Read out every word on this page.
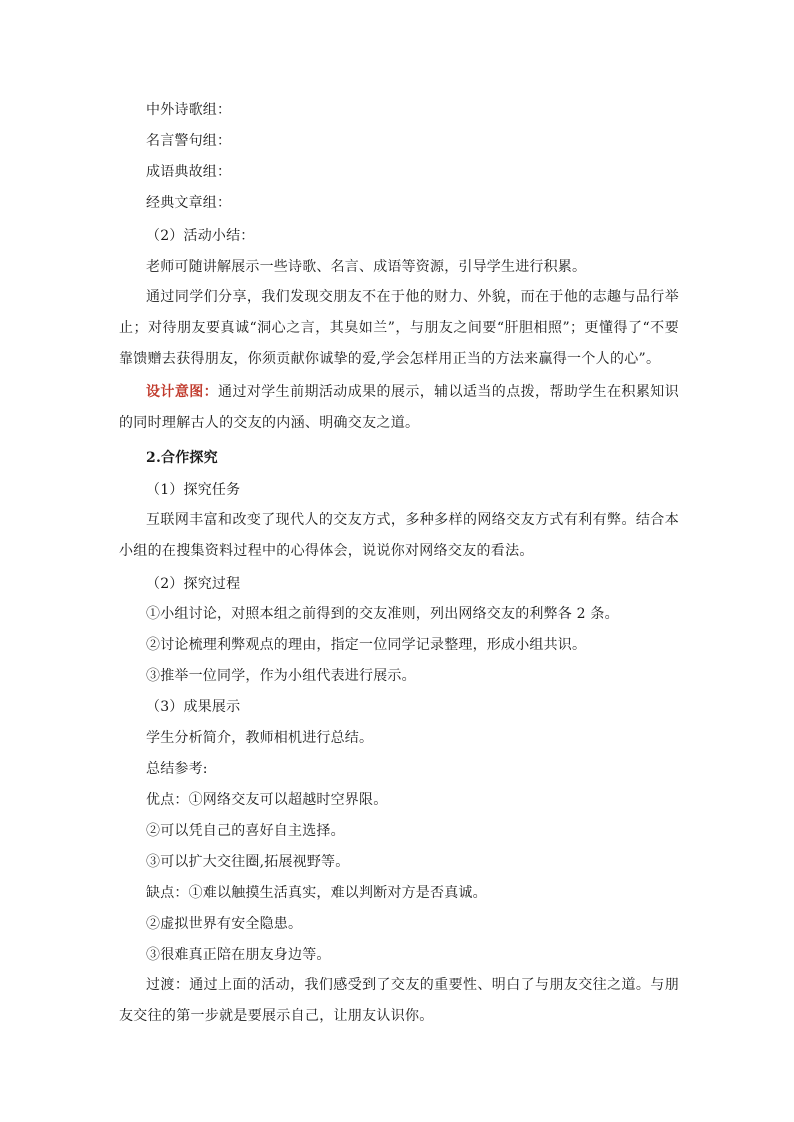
中外诗歌组：
名言警句组：
成语典故组：
经典文章组：
（2）活动小结：
老师可随讲解展示一些诗歌、名言、成语等资源，引导学生进行积累。
通过同学们分享，我们发现交朋友不在于他的财力、外貌，而在于他的志趣与品行举止；对待朋友要真诚“洞心之言，其臭如兰”，与朋友之间要“肝胆相照”；更懂得了“不要靠馈赠去获得朋友，你须贡献你诚挚的爱,学会怎样用正当的方法来赢得一个人的心”。
设计意图：通过对学生前期活动成果的展示，辅以适当的点拨，帮助学生在积累知识的同时理解古人的交友的内涵、明确交友之道。
2.合作探究
（1）探究任务
互联网丰富和改变了现代人的交友方式，多种多样的网络交友方式有利有弊。结合本小组的在搜集资料过程中的心得体会，说说你对网络交友的看法。
（2）探究过程
①小组讨论，对照本组之前得到的交友准则，列出网络交友的利弊各 2 条。
②讨论梳理利弊观点的理由，指定一位同学记录整理，形成小组共识。
③推举一位同学，作为小组代表进行展示。
（3）成果展示
学生分析简介，教师相机进行总结。
总结参考:
优点：①网络交友可以超越时空界限。
②可以凭自己的喜好自主选择。
③可以扩大交往圈,拓展视野等。
缺点：①难以触摸生活真实，难以判断对方是否真诚。
②虚拟世界有安全隐患。
③很难真正陪在朋友身边等。
过渡：通过上面的活动，我们感受到了交友的重要性、明白了与朋友交往之道。与朋友交往的第一步就是要展示自己，让朋友认识你。
